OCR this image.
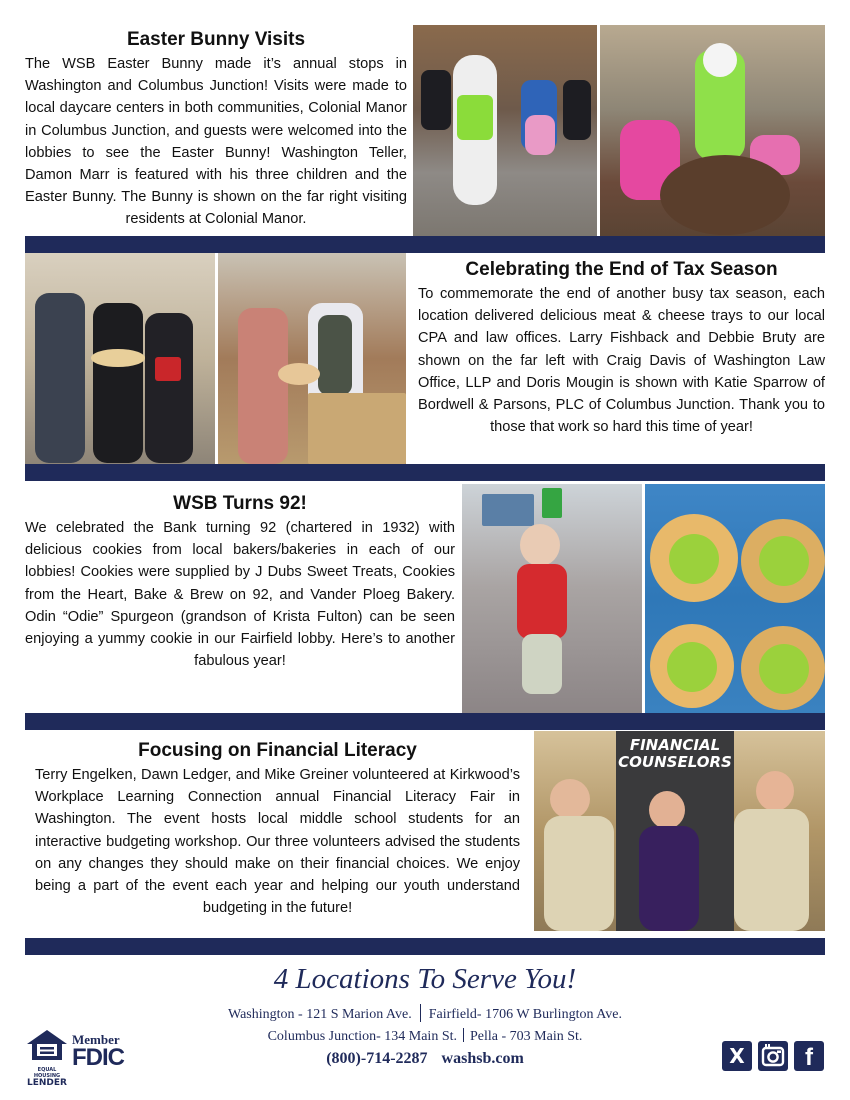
Easter Bunny Visits

The WSB Easter Bunny made it’s annual stops in Washington and Columbus Junction! Visits were made to local daycare centers in both communities, Colonial Manor in Columbus Junction, and guests were welcomed into the lobbies to see the Easter Bunny! Washington Teller, Damon Marr is featured with his three children and the Easter Bunny. The Bunny is shown on the far right visiting residents at Colonial Manor.

Celebrating the End of Tax Season

To commemorate the end of another busy tax season, each location delivered delicious meat & cheese trays to our local CPA and law offices. Larry Fishback and Debbie Bruty are shown on the far left with Craig Davis of Washington Law Office, LLP and Doris Mougin is shown with Katie Sparrow of Bordwell & Parsons, PLC of Columbus Junction. Thank you to those that work so hard this time of year!

WSB Turns 92!

We celebrated the Bank turning 92 (chartered in 1932) with delicious cookies from local bakers/bakeries in each of our lobbies! Cookies were supplied by J Dubs Sweet Treats, Cookies from the Heart, Bake & Brew on 92, and Vander Ploeg Bakery. Odin “Odie” Spurgeon (grandson of Krista Fulton) can be seen enjoying a yummy cookie in our Fairfield lobby. Here’s to another fabulous year!

Focusing on Financial Literacy

Terry Engelken, Dawn Ledger, and Mike Greiner volunteered at Kirkwood’s Workplace Learning Connection annual Financial Literacy Fair in Washington. The event hosts local middle school students for an interactive budgeting workshop. Our three volunteers advised the students on any changes they should make on their financial choices. We enjoy being a part of the event each year and helping our youth understand budgeting in the future!

FINANCIAL COUNSELORS
4 Locations To Serve You!
Washington - 121 S Marion Ave. Fairfield- 1706 W Burlington Ave.
Columbus Junction- 134 Main St. Pella - 703 Main St.
(800)-714-2287 washsb.com
EQUAL HOUSING
LENDER
Member
FDIC	X	f
